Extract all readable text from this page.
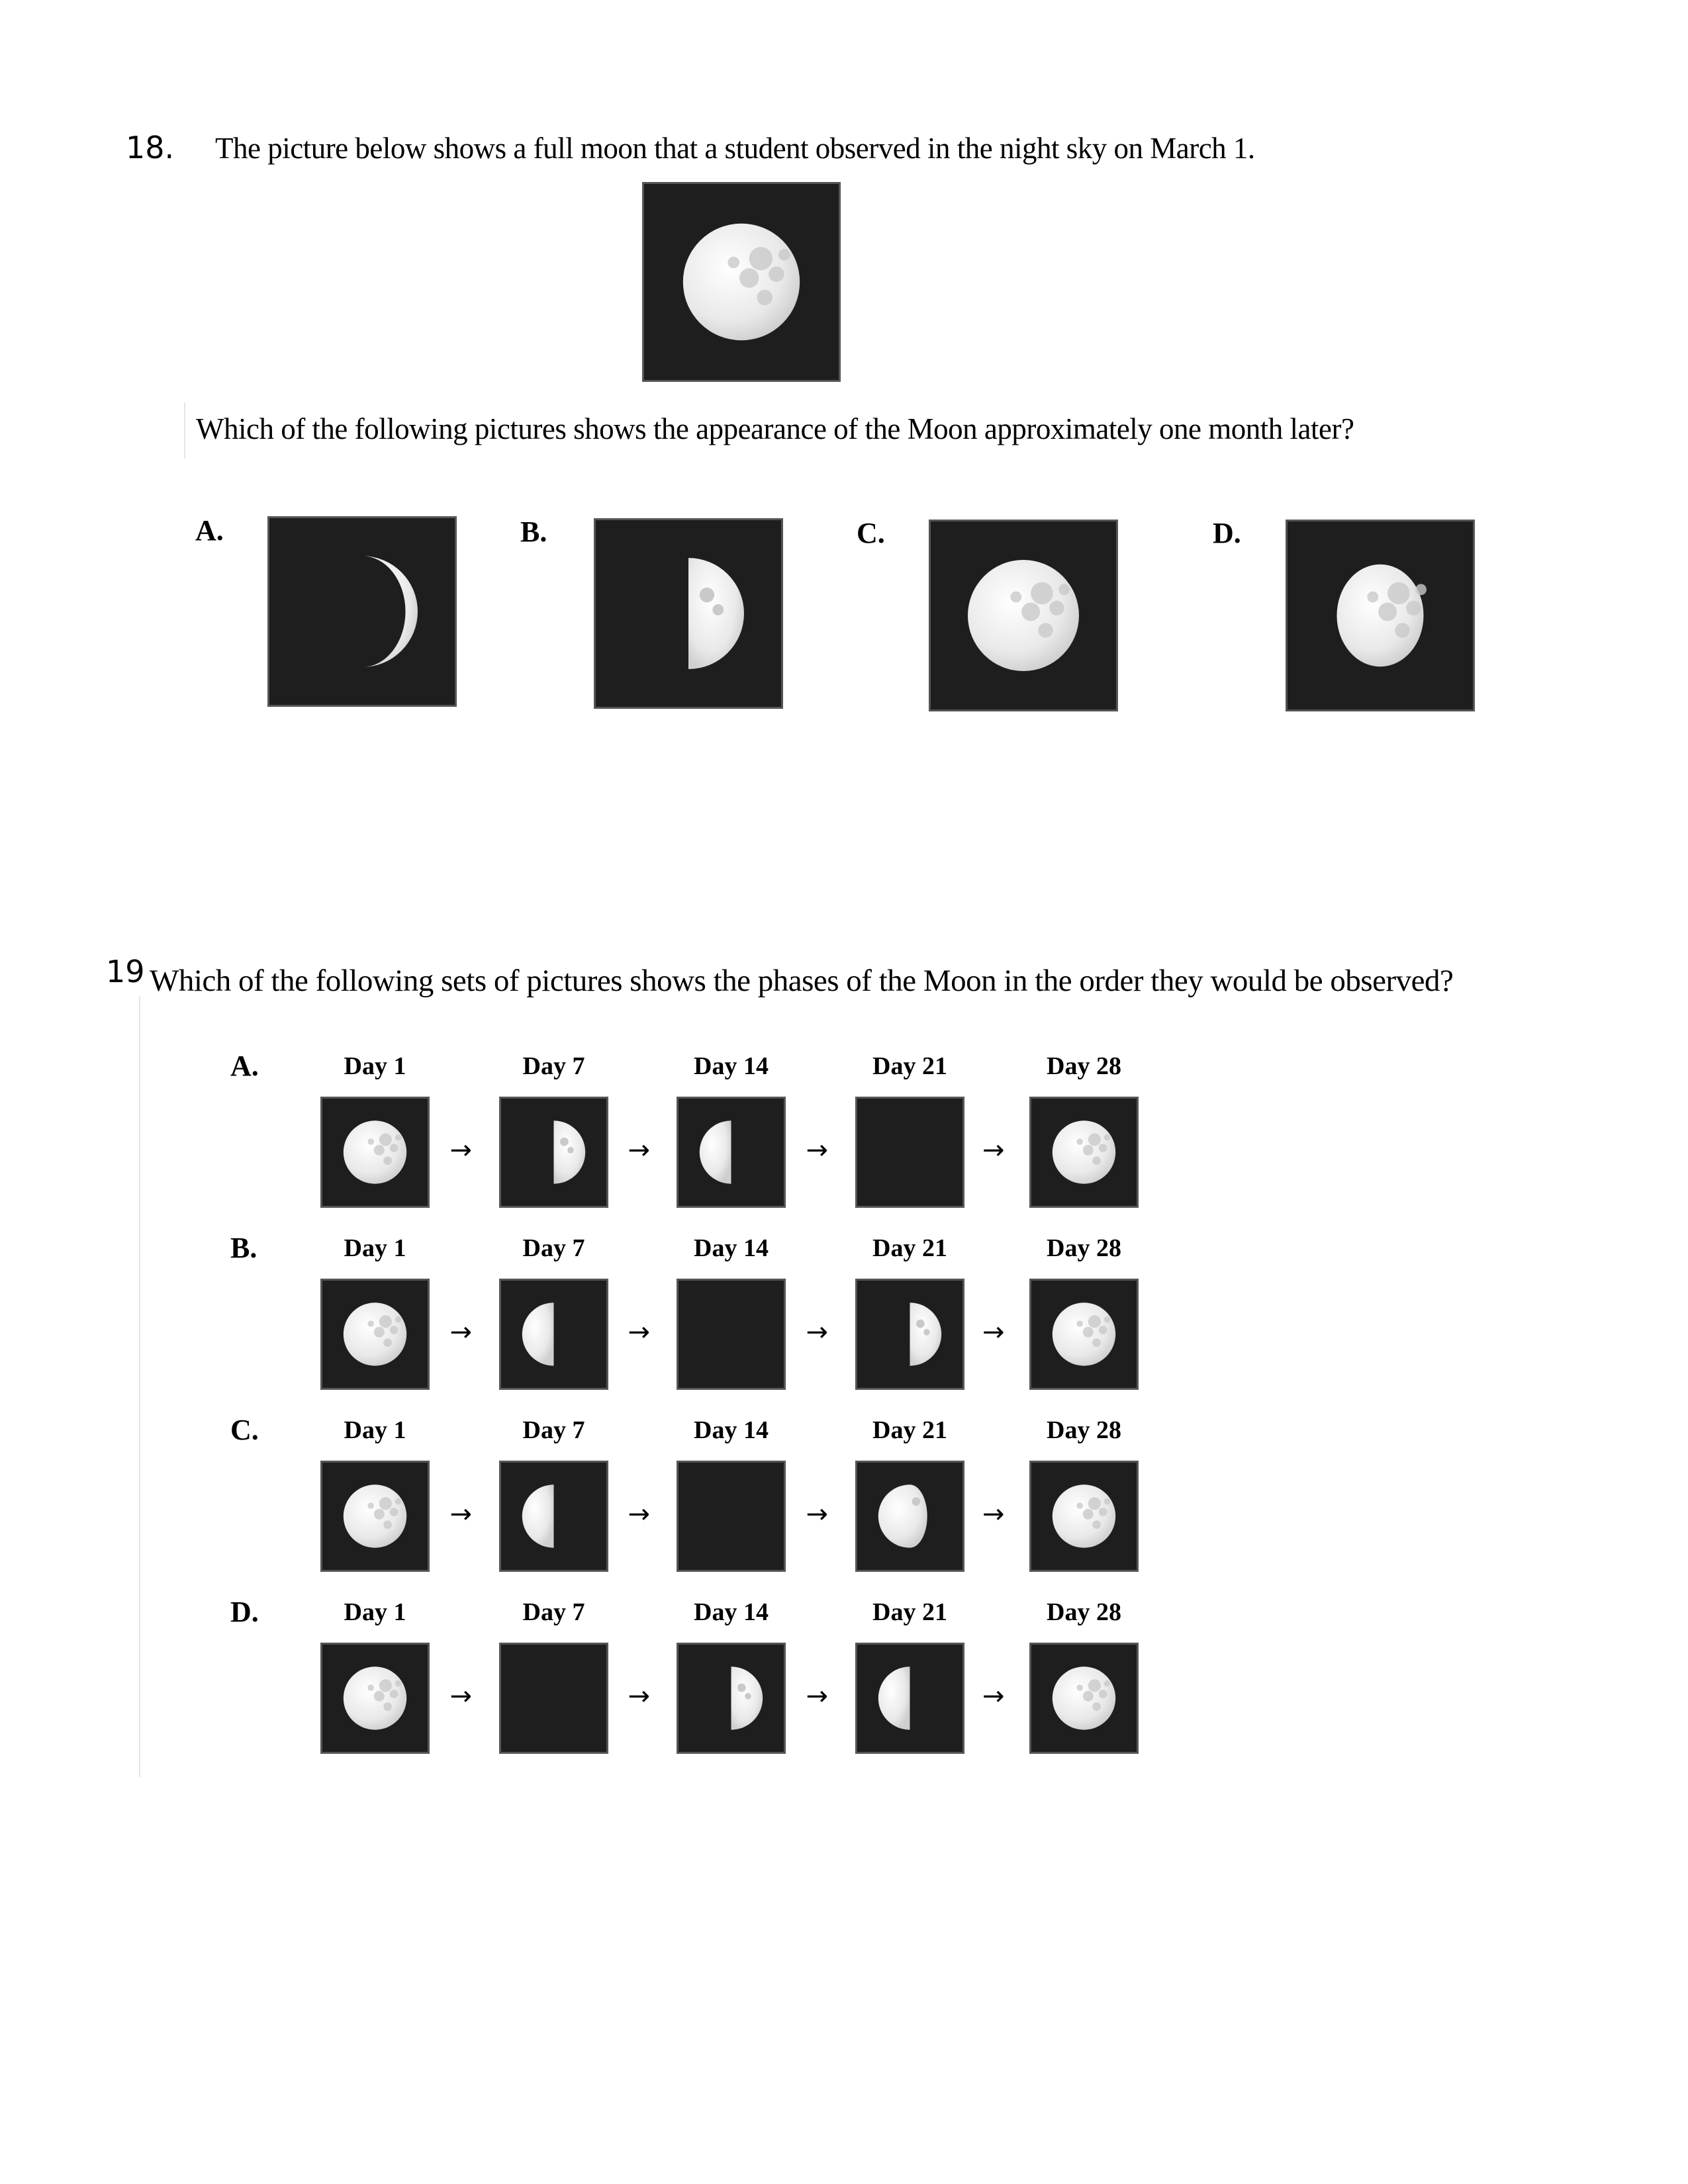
18. The picture below shows a full moon that a student observed in the night sky on March 1.
Which of the following pictures shows the appearance of the Moon approximately one month later?
A.	B.	C.	D.
19 Which of the following sets of pictures shows the phases of the Moon in the order they would be observed?
A.	Day 1
→
Day 7
→
Day 14
→
Day 21
→
Day 28
B.	Day 1
→
Day 7
→
Day 14
→
Day 21
→
Day 28
C.	Day 1
→
Day 7
→
Day 14
→
Day 21
→
Day 28
D.	Day 1
→
Day 7
→
Day 14
→
Day 21
→
Day 28
